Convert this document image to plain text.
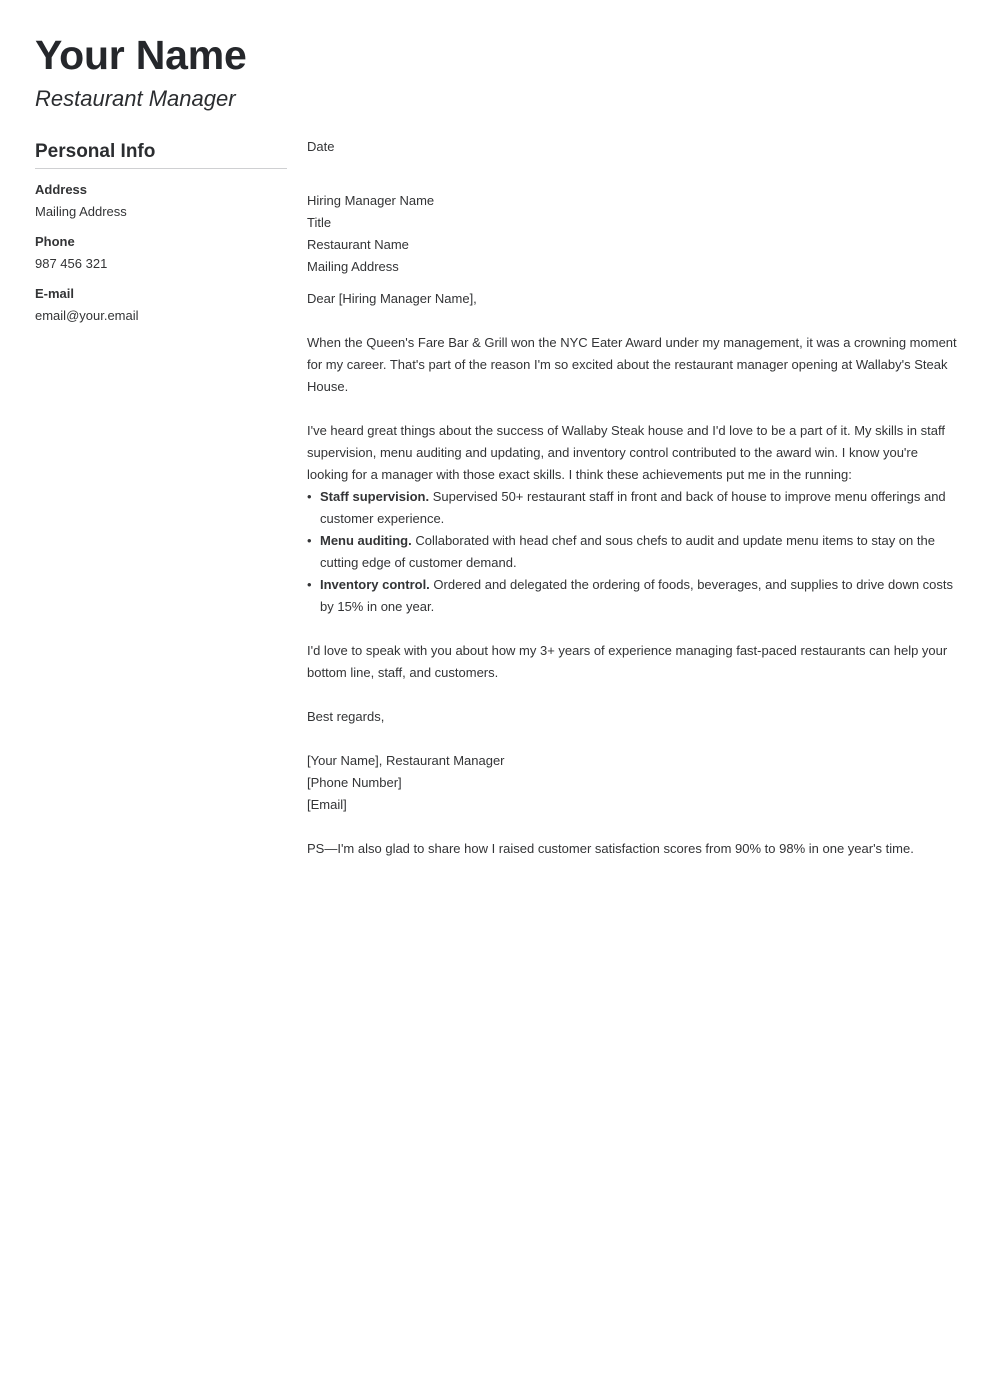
Your Name
Restaurant Manager
Personal Info
Address
Mailing Address
Phone
987 456 321
E-mail
email@your.email

Date

Hiring Manager Name

Title

Restaurant Name

Mailing Address

Dear [Hiring Manager Name],

When the Queen's Fare Bar & Grill won the NYC Eater Award under my management, it was a crowning moment for my career. That's part of the reason I'm so excited about the restaurant manager opening at Wallaby's Steak House.

I've heard great things about the success of Wallaby Steak house and I'd love to be a part of it. My skills in staff supervision, menu auditing and updating, and inventory control contributed to the award win. I know you're looking for a manager with those exact skills. I think these achievements put me in the running:

• Staff supervision. Supervised 50+ restaurant staff in front and back of house to improve menu offerings and customer experience.
• Menu auditing. Collaborated with head chef and sous chefs to audit and update menu items to stay on the cutting edge of customer demand.
• Inventory control. Ordered and delegated the ordering of foods, beverages, and supplies to drive down costs by 15% in one year.

I'd love to speak with you about how my 3+ years of experience managing fast-paced restaurants can help your bottom line, staff, and customers.

Best regards,

[Your Name], Restaurant Manager

[Phone Number]

[Email]

PS—I'm also glad to share how I raised customer satisfaction scores from 90% to 98% in one year's time.
